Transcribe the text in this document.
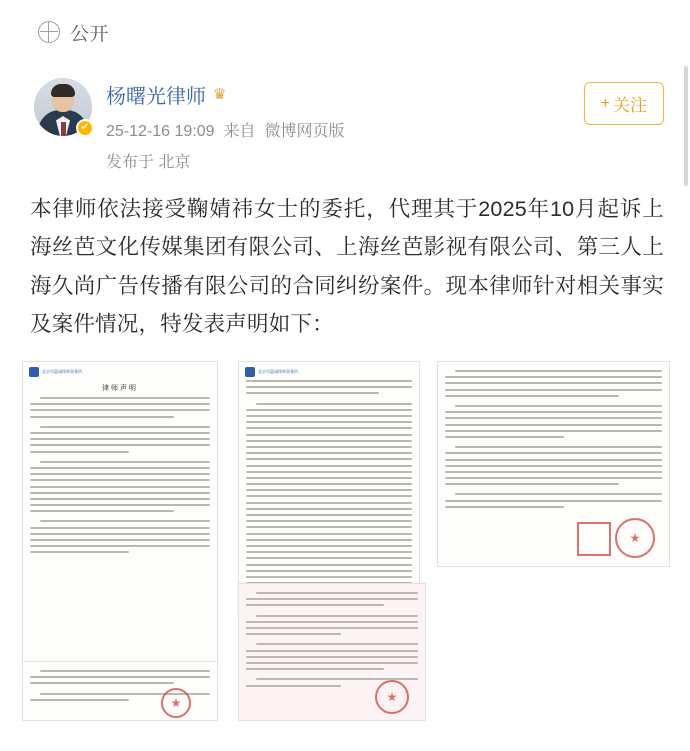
公开
✔
杨曙光律师 ♛
25-12-16 19:09 来自 微博网页版
发布于 北京
+ 关注
本律师依法接受鞠婧祎女士的委托，代理其于2025年10月起诉上海丝芭文化传媒集团有限公司、上海丝芭影视有限公司、第三人上海久尚广告传播有限公司的合同纠纷案件。现本律师针对相关事实及案件情况，特发表声明如下：
北京市惠诚律师事务所
律师声明
北京市惠诚律师事务所
